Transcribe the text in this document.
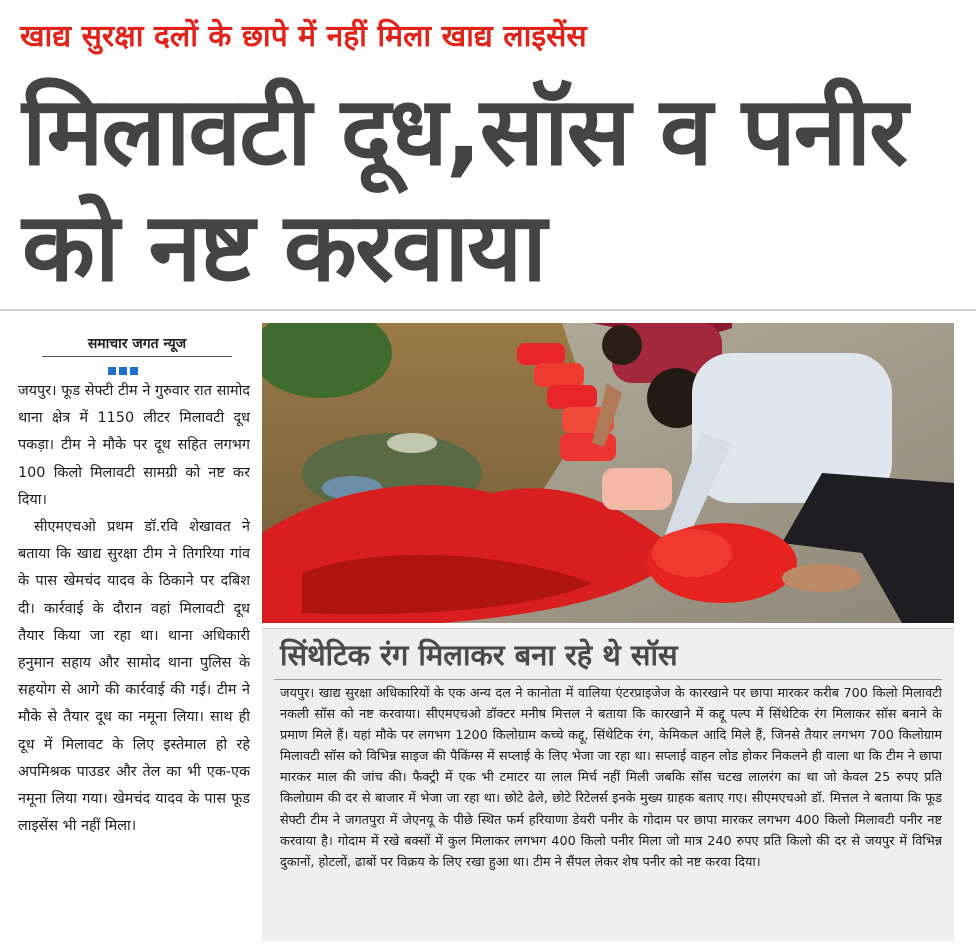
खाद्य सुरक्षा दलों के छापे में नहीं मिला खाद्य लाइसेंस
मिलावटी दूध,सॉस व पनीर को नष्ट करवाया
समाचार जगत न्यूज

जयपुर। फूड सेफ्टी टीम ने गुरुवार रात सामोद थाना क्षेत्र में 1150 लीटर मिलावटी दूध पकड़ा। टीम ने मौके पर दूध सहित लगभग 100 किलो मिलावटी सामग्री को नष्ट कर दिया।

सीएमएचओ प्रथम डॉ.रवि शेखावत ने बताया कि खाद्य सुरक्षा टीम ने तिगरिया गांव के पास खेमचंद यादव के ठिकाने पर दबिश दी। कार्रवाई के दौरान वहां मिलावटी दूध तैयार किया जा रहा था। थाना अधिकारी हनुमान सहाय और सामोद थाना पुलिस के सहयोग से आगे की कार्रवाई की गई। टीम ने मौके से तैयार दूध का नमूना लिया। साथ ही दूध में मिलावट के लिए इस्तेमाल हो रहे अपमिश्रक पाउडर और तेल का भी एक-एक नमूना लिया गया। खेमचंद यादव के पास फूड लाइसेंस भी नहीं मिला।

सिंथेटिक रंग मिलाकर बना रहे थे सॉस

जयपुर। खाद्य सुरक्षा अधिकारियों के एक अन्य दल ने कानोता में वालिया एंटरप्राइजेज के कारखाने पर छापा मारकर करीब 700 किलो मिलावटी नकली सॉस को नष्ट करवाया। सीएमएचओ डॉक्टर मनीष मित्तल ने बताया कि कारखाने में कद्दू पल्प में सिंथेटिक रंग मिलाकर सॉस बनाने के प्रमाण मिले हैं। यहां मौके पर लगभग 1200 किलोग्राम कच्चे कद्दू, सिंथेटिक रंग, केमिकल आदि मिले हैं, जिनसे तैयार लगभग 700 किलोग्राम मिलावटी सॉस को विभिन्न साइज की पैकिंग्स में सप्लाई के लिए भेजा जा रहा था। सप्लाई वाहन लोड होकर निकलने ही वाला था कि टीम ने छापा मारकर माल की जांच की। फैक्ट्री में एक भी टमाटर या लाल मिर्च नहीं मिली जबकि सॉस चटख लालरंग का था जो केवल 25 रुपए प्रति किलोग्राम की दर से बाजार में भेजा जा रहा था। छोटे ढेले, छोटे रिटेलर्स इनके मुख्य ग्राहक बताए गए। सीएमएचओ डॉ. मित्तल ने बताया कि फूड सेफ्टी टीम ने जगतपुरा में जेएनयू के पीछे स्थित फर्म हरियाणा डेयरी पनीर के गोदाम पर छापा मारकर लगभग 400 किलो मिलावटी पनीर नष्ट करवाया है। गोदाम में रखे बक्सों में कुल मिलाकर लगभग 400 किलो पनीर मिला जो मात्र 240 रुपए प्रति किलो की दर से जयपुर में विभिन्न दुकानों, होटलों, ढाबों पर विक्रय के लिए रखा हुआ था। टीम ने सैंपल लेकर शेष पनीर को नष्ट करवा दिया।
